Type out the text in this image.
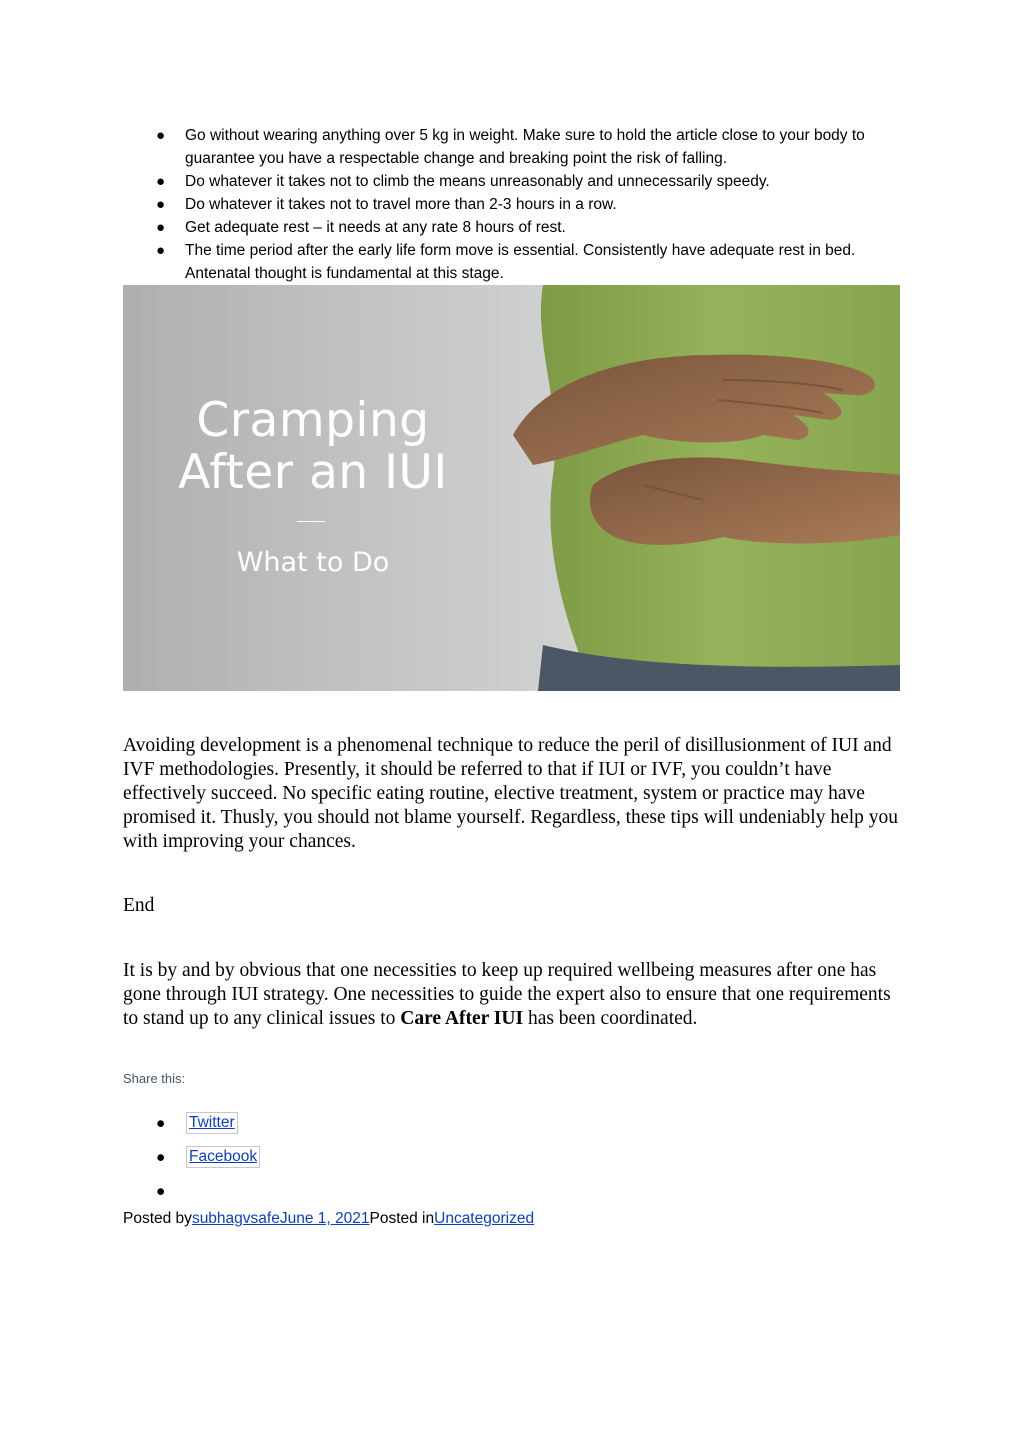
● Go without wearing anything over 5 kg in weight. Make sure to hold the article close to your body to guarantee you have a respectable change and breaking point the risk of falling.
● Do whatever it takes not to climb the means unreasonably and unnecessarily speedy.
● Do whatever it takes not to travel more than 2-3 hours in a row.
● Get adequate rest – it needs at any rate 8 hours of rest.
● The time period after the early life form move is essential. Consistently have adequate rest in bed. Antenatal thought is fundamental at this stage.
Cramping
After an IUI
What to Do

Avoiding development is a phenomenal technique to reduce the peril of disillusionment of IUI and IVF methodologies. Presently, it should be referred to that if IUI or IVF, you couldn’t have effectively succeed. No specific eating routine, elective treatment, system or practice may have promised it. Thusly, you should not blame yourself. Regardless, these tips will undeniably help you with improving your chances.

End

It is by and by obvious that one necessities to keep up required wellbeing measures after one has gone through IUI strategy. One necessities to guide the expert also to ensure that one requirements to stand up to any clinical issues to Care After IUI has been coordinated.

Share this:
● Twitter
● Facebook
●
Posted bysubhagvsafeJune 1, 2021Posted inUncategorized
